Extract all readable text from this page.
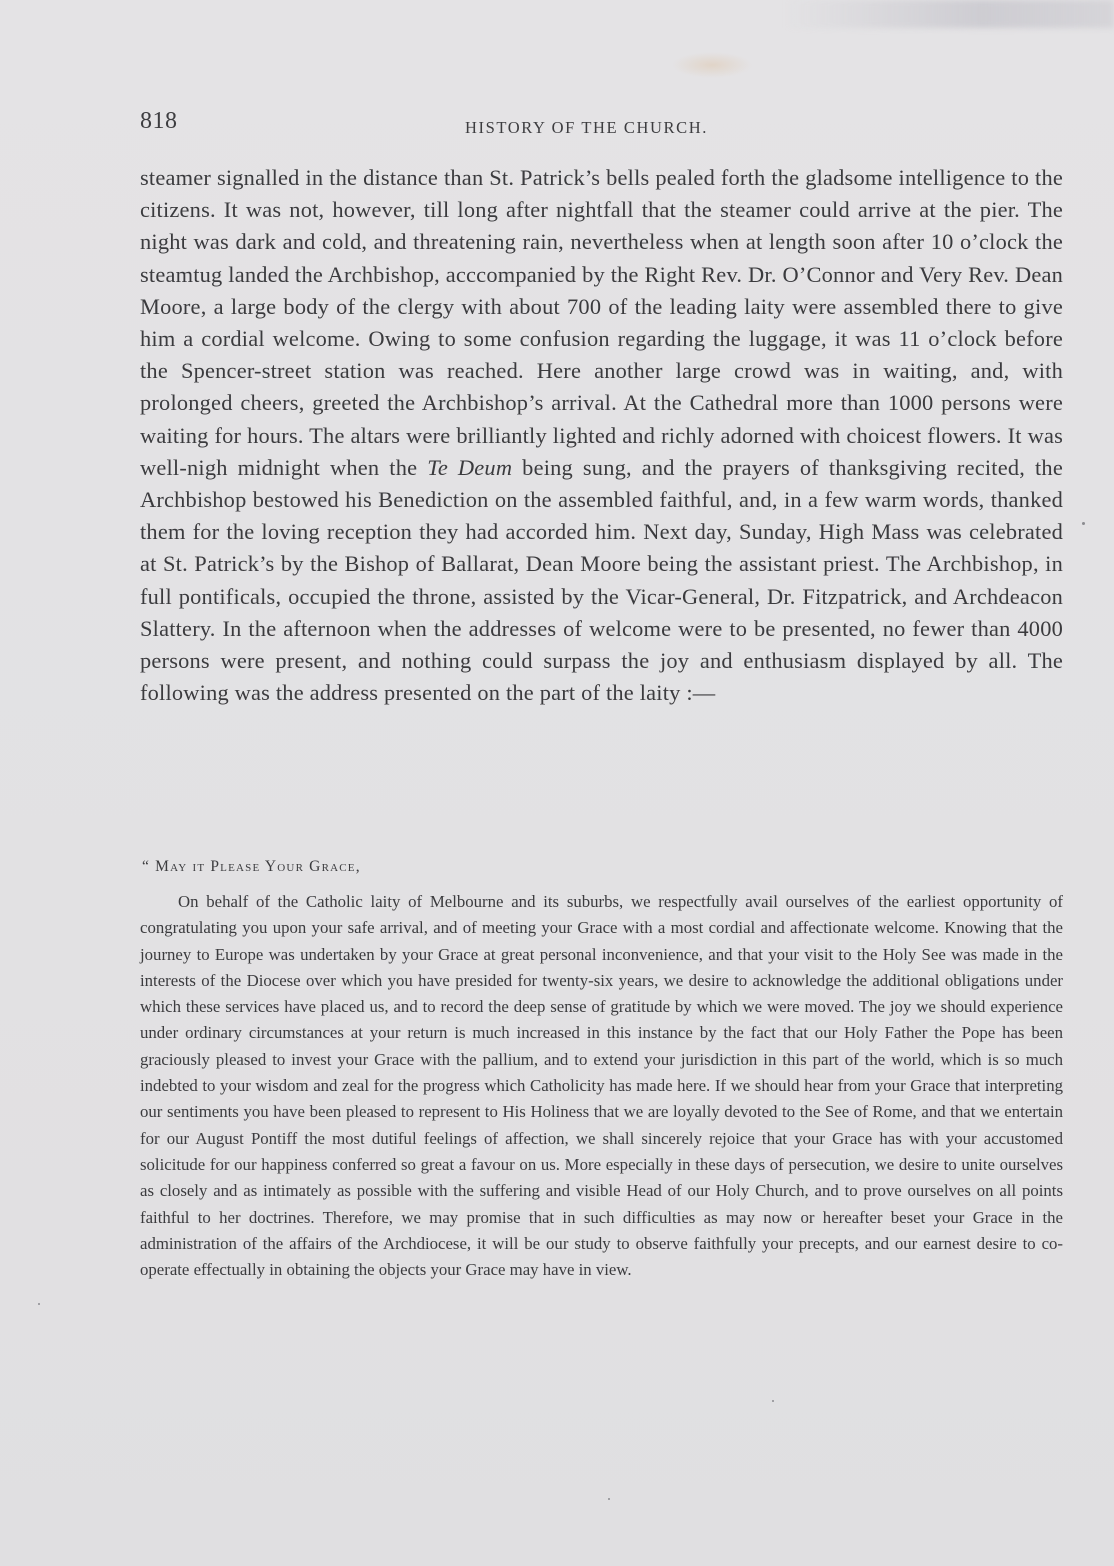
818	HISTORY OF THE CHURCH.

steamer signalled in the distance than St. Patrick’s bells pealed forth the gladsome intelligence to the citizens. It was not, however, till long after nightfall that the steamer could arrive at the pier. The night was dark and cold, and threatening rain, nevertheless when at length soon after 10 o’clock the steamtug landed the Archbishop, acccompanied by the Right Rev. Dr. O’Connor and Very Rev. Dean Moore, a large body of the clergy with about 700 of the leading laity were assembled there to give him a cordial welcome. Owing to some confusion regarding the luggage, it was 11 o’clock before the Spencer-street station was reached. Here another large crowd was in waiting, and, with prolonged cheers, greeted the Archbishop’s arrival. At the Cathedral more than 1000 persons were waiting for hours. The altars were brilliantly lighted and richly adorned with choicest flowers. It was well-nigh midnight when the Te Deum being sung, and the prayers of thanksgiving recited, the Archbishop bestowed his Benediction on the assembled faithful, and, in a few warm words, thanked them for the loving reception they had accorded him. Next day, Sunday, High Mass was celebrated at St. Patrick’s by the Bishop of Ballarat, Dean Moore being the assistant priest. The Archbishop, in full pontificals, occupied the throne, assisted by the Vicar-General, Dr. Fitzpatrick, and Archdeacon Slattery. In the afternoon when the addresses of welcome were to be presented, no fewer than 4000 persons were present, and nothing could surpass the joy and enthusiasm displayed by all. The following was the address presented on the part of the laity :—

“ May it Please Your Grace,

On behalf of the Catholic laity of Melbourne and its suburbs, we respectfully avail ourselves of the earliest opportunity of congratulating you upon your safe arrival, and of meeting your Grace with a most cordial and affectionate welcome. Knowing that the journey to Europe was undertaken by your Grace at great personal inconvenience, and that your visit to the Holy See was made in the interests of the Diocese over which you have presided for twenty-six years, we desire to acknowledge the additional obligations under which these services have placed us, and to record the deep sense of gratitude by which we were moved. The joy we should experience under ordinary circumstances at your return is much increased in this instance by the fact that our Holy Father the Pope has been graciously pleased to invest your Grace with the pallium, and to extend your jurisdiction in this part of the world, which is so much indebted to your wisdom and zeal for the progress which Catholicity has made here. If we should hear from your Grace that interpreting our sentiments you have been pleased to represent to His Holiness that we are loyally devoted to the See of Rome, and that we entertain for our August Pontiff the most dutiful feelings of affection, we shall sincerely rejoice that your Grace has with your accustomed solicitude for our happiness conferred so great a favour on us. More especially in these days of persecution, we desire to unite ourselves as closely and as intimately as possible with the suffering and visible Head of our Holy Church, and to prove ourselves on all points faithful to her doctrines. Therefore, we may promise that in such difficulties as may now or hereafter beset your Grace in the administration of the affairs of the Archdiocese, it will be our study to observe faithfully your precepts, and our earnest desire to co-operate effectually in obtaining the objects your Grace may have in view.
